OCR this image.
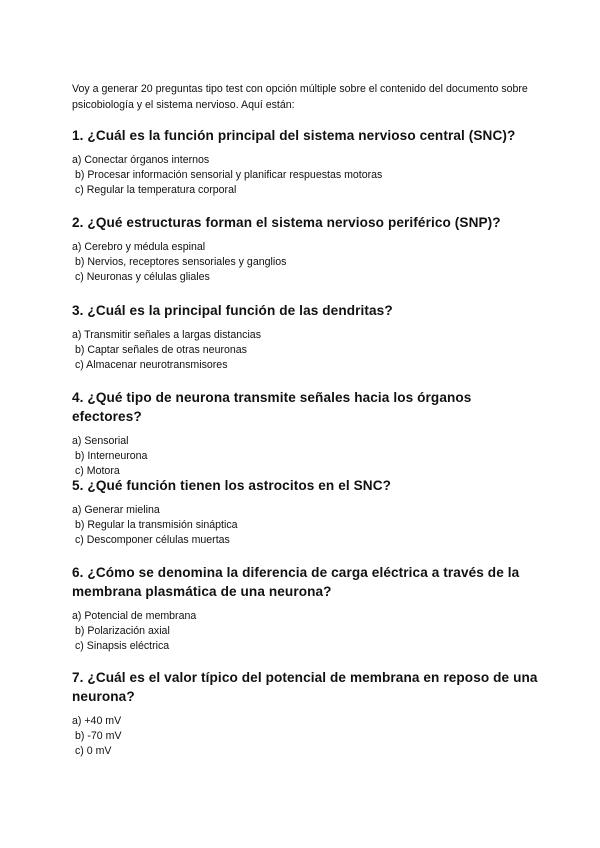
Voy a generar 20 preguntas tipo test con opción múltiple sobre el contenido del documento sobre psicobiología y el sistema nervioso. Aquí están:

1. ¿Cuál es la función principal del sistema nervioso central (SNC)?
a) Conectar órganos internos
b) Procesar información sensorial y planificar respuestas motoras
c) Regular la temperatura corporal
2. ¿Qué estructuras forman el sistema nervioso periférico (SNP)?
a) Cerebro y médula espinal
b) Nervios, receptores sensoriales y ganglios
c) Neuronas y células gliales
3. ¿Cuál es la principal función de las dendritas?
a) Transmitir señales a largas distancias
b) Captar señales de otras neuronas
c) Almacenar neurotransmisores
4. ¿Qué tipo de neurona transmite señales hacia los órganos efectores?
a) Sensorial
b) Interneurona
c) Motora
5. ¿Qué función tienen los astrocitos en el SNC?
a) Generar mielina
b) Regular la transmisión sináptica
c) Descomponer células muertas
6. ¿Cómo se denomina la diferencia de carga eléctrica a través de la membrana plasmática de una neurona?
a) Potencial de membrana
b) Polarización axial
c) Sinapsis eléctrica
7. ¿Cuál es el valor típico del potencial de membrana en reposo de una neurona?
a) +40 mV
b) -70 mV
c) 0 mV
